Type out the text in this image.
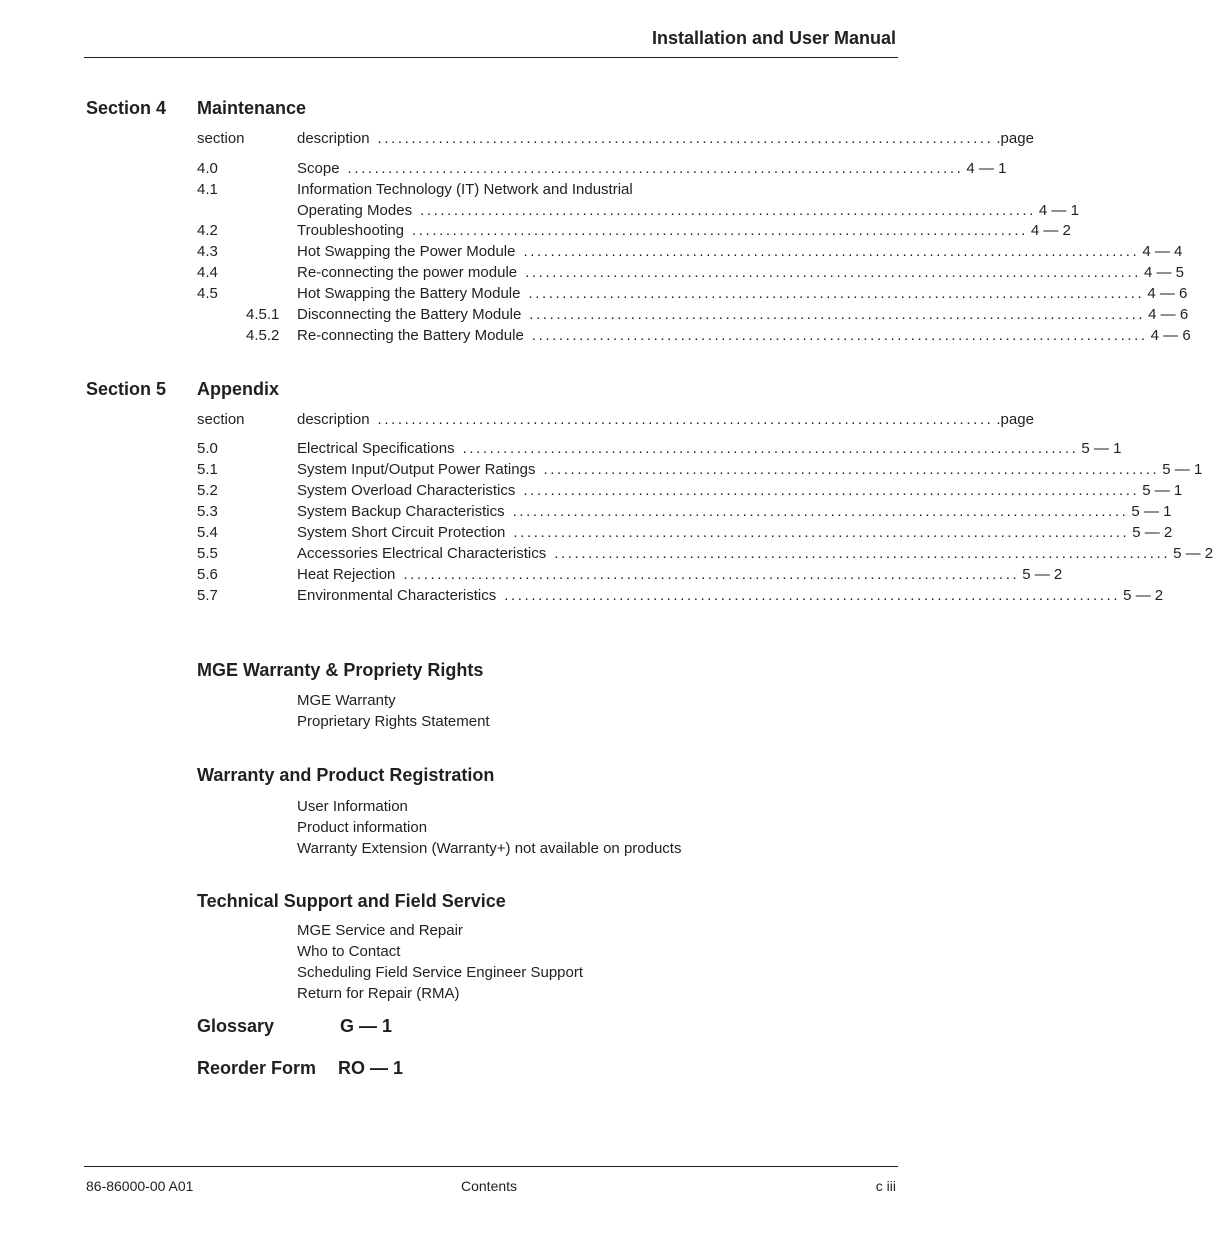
Installation and User Manual
Section 4 Maintenance
section	description ........................................................................................... .page
4.0	Scope ........................................................................................... 4 — 1
4.1	Information Technology (IT) Network and Industrial
Operating Modes ........................................................................................... 4 — 1
4.2	Troubleshooting ........................................................................................... 4 — 2
4.3	Hot Swapping the Power Module ........................................................................................... 4 — 4
4.4	Re-connecting the power module ........................................................................................... 4 — 5
4.5	Hot Swapping the Battery Module ........................................................................................... 4 — 6
4.5.1 Disconnecting the Battery Module ........................................................................................... 4 — 6
4.5.2 Re-connecting the Battery Module ........................................................................................... 4 — 6
Section 5 Appendix
section	description ........................................................................................... .page
5.0	Electrical Specifications ........................................................................................... 5 — 1
5.1	System Input/Output Power Ratings ........................................................................................... 5 — 1
5.2	System Overload Characteristics ........................................................................................... 5 — 1
5.3	System Backup Characteristics ........................................................................................... 5 — 1
5.4	System Short Circuit Protection ........................................................................................... 5 — 2
5.5	Accessories Electrical Characteristics ........................................................................................... 5 — 2
5.6	Heat Rejection ........................................................................................... 5 — 2
5.7	Environmental Characteristics ........................................................................................... 5 — 2
MGE Warranty & Propriety Rights
MGE Warranty
Proprietary Rights Statement
Warranty and Product Registration
User Information
Product information
Warranty Extension (Warranty+) not available on products
Technical Support and Field Service
MGE Service and Repair
Who to Contact
Scheduling Field Service Engineer Support
Return for Repair (RMA)
Glossary	G — 1
Reorder Form RO — 1
86-86000-00 A01	Contents	c iii
